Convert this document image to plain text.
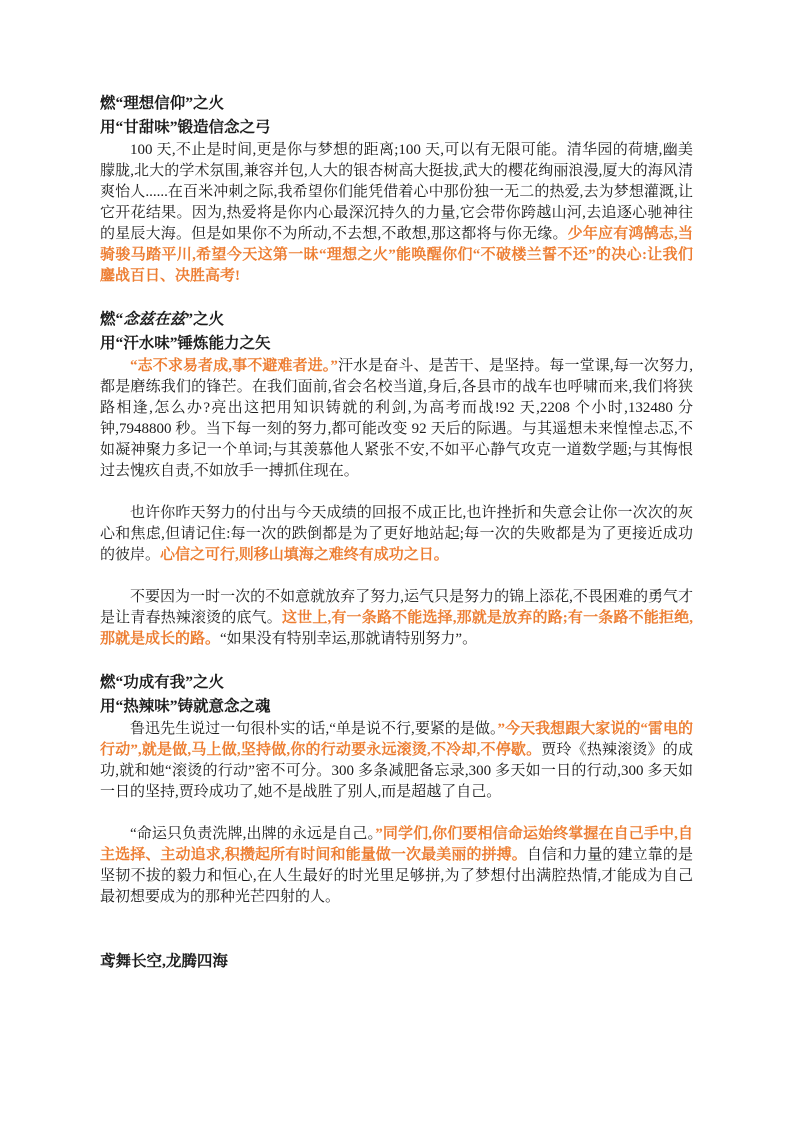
燃“理想信仰”之火
用“甘甜味”锻造信念之弓

100 天,不止是时间,更是你与梦想的距离;100 天,可以有无限可能。清华园的荷塘,幽美朦胧,北大的学术氛围,兼容并包,人大的银杏树高大挺拔,武大的樱花绚丽浪漫,厦大的海风清爽怡人......在百米冲刺之际,我希望你们能凭借着心中那份独一无二的热爱,去为梦想灌溉,让它开花结果。因为,热爱将是你内心最深沉持久的力量,它会带你跨越山河,去追逐心驰神往的星辰大海。但是如果你不为所动,不去想,不敢想,那这都将与你无缘。少年应有鸿鹄志,当骑骏马踏平川,希望今天这第一昧“理想之火”能唤醒你们“不破楼兰誓不还”的决心:让我们鏖战百日、决胜高考!

燃“念兹在兹”之火
用“汗水味”锤炼能力之矢

“志不求易者成,事不避难者进。”汗水是奋斗、是苦干、是坚持。每一堂课,每一次努力,都是磨练我们的锋芒。在我们面前,省会名校当道,身后,各县市的战车也呼啸而来,我们将狭路相逢,怎么办?亮出这把用知识铸就的利剑,为高考而战!92 天,2208 个小时,132480 分钟,7948800 秒。当下每一刻的努力,都可能改变 92 天后的际遇。与其遥想未来惶惶忐忑,不如凝神聚力多记一个单词;与其羡慕他人紧张不安,不如平心静气攻克一道数学题;与其悔恨过去愧疚自责,不如放手一搏抓住现在。

也许你昨天努力的付出与今天成绩的回报不成正比,也许挫折和失意会让你一次次的灰心和焦虑,但请记住:每一次的跌倒都是为了更好地站起;每一次的失败都是为了更接近成功的彼岸。心信之可行,则移山填海之难终有成功之日。

不要因为一时一次的不如意就放弃了努力,运气只是努力的锦上添花,不畏困难的勇气才是让青春热辣滚烫的底气。这世上,有一条路不能选择,那就是放弃的路;有一条路不能拒绝,那就是成长的路。“如果没有特别幸运,那就请特别努力”。

燃“功成有我”之火
用“热辣味”铸就意念之魂

鲁迅先生说过一句很朴实的话,“单是说不行,要紧的是做。”今天我想跟大家说的“雷电的行动”,就是做,马上做,坚持做,你的行动要永远滚烫,不冷却,不停歇。贾玲《热辣滚烫》的成功,就和她“滚烫的行动”密不可分。300 多条减肥备忘录,300 多天如一日的行动,300 多天如一日的坚持,贾玲成功了,她不是战胜了别人,而是超越了自己。

“命运只负责洗牌,出牌的永远是自己。”同学们,你们要相信命运始终掌握在自己手中,自主选择、主动追求,积攒起所有时间和能量做一次最美丽的拼搏。自信和力量的建立靠的是坚韧不拔的毅力和恒心,在人生最好的时光里足够拼,为了梦想付出满腔热情,才能成为自己最初想要成为的那种光芒四射的人。

鸢舞长空,龙腾四海
